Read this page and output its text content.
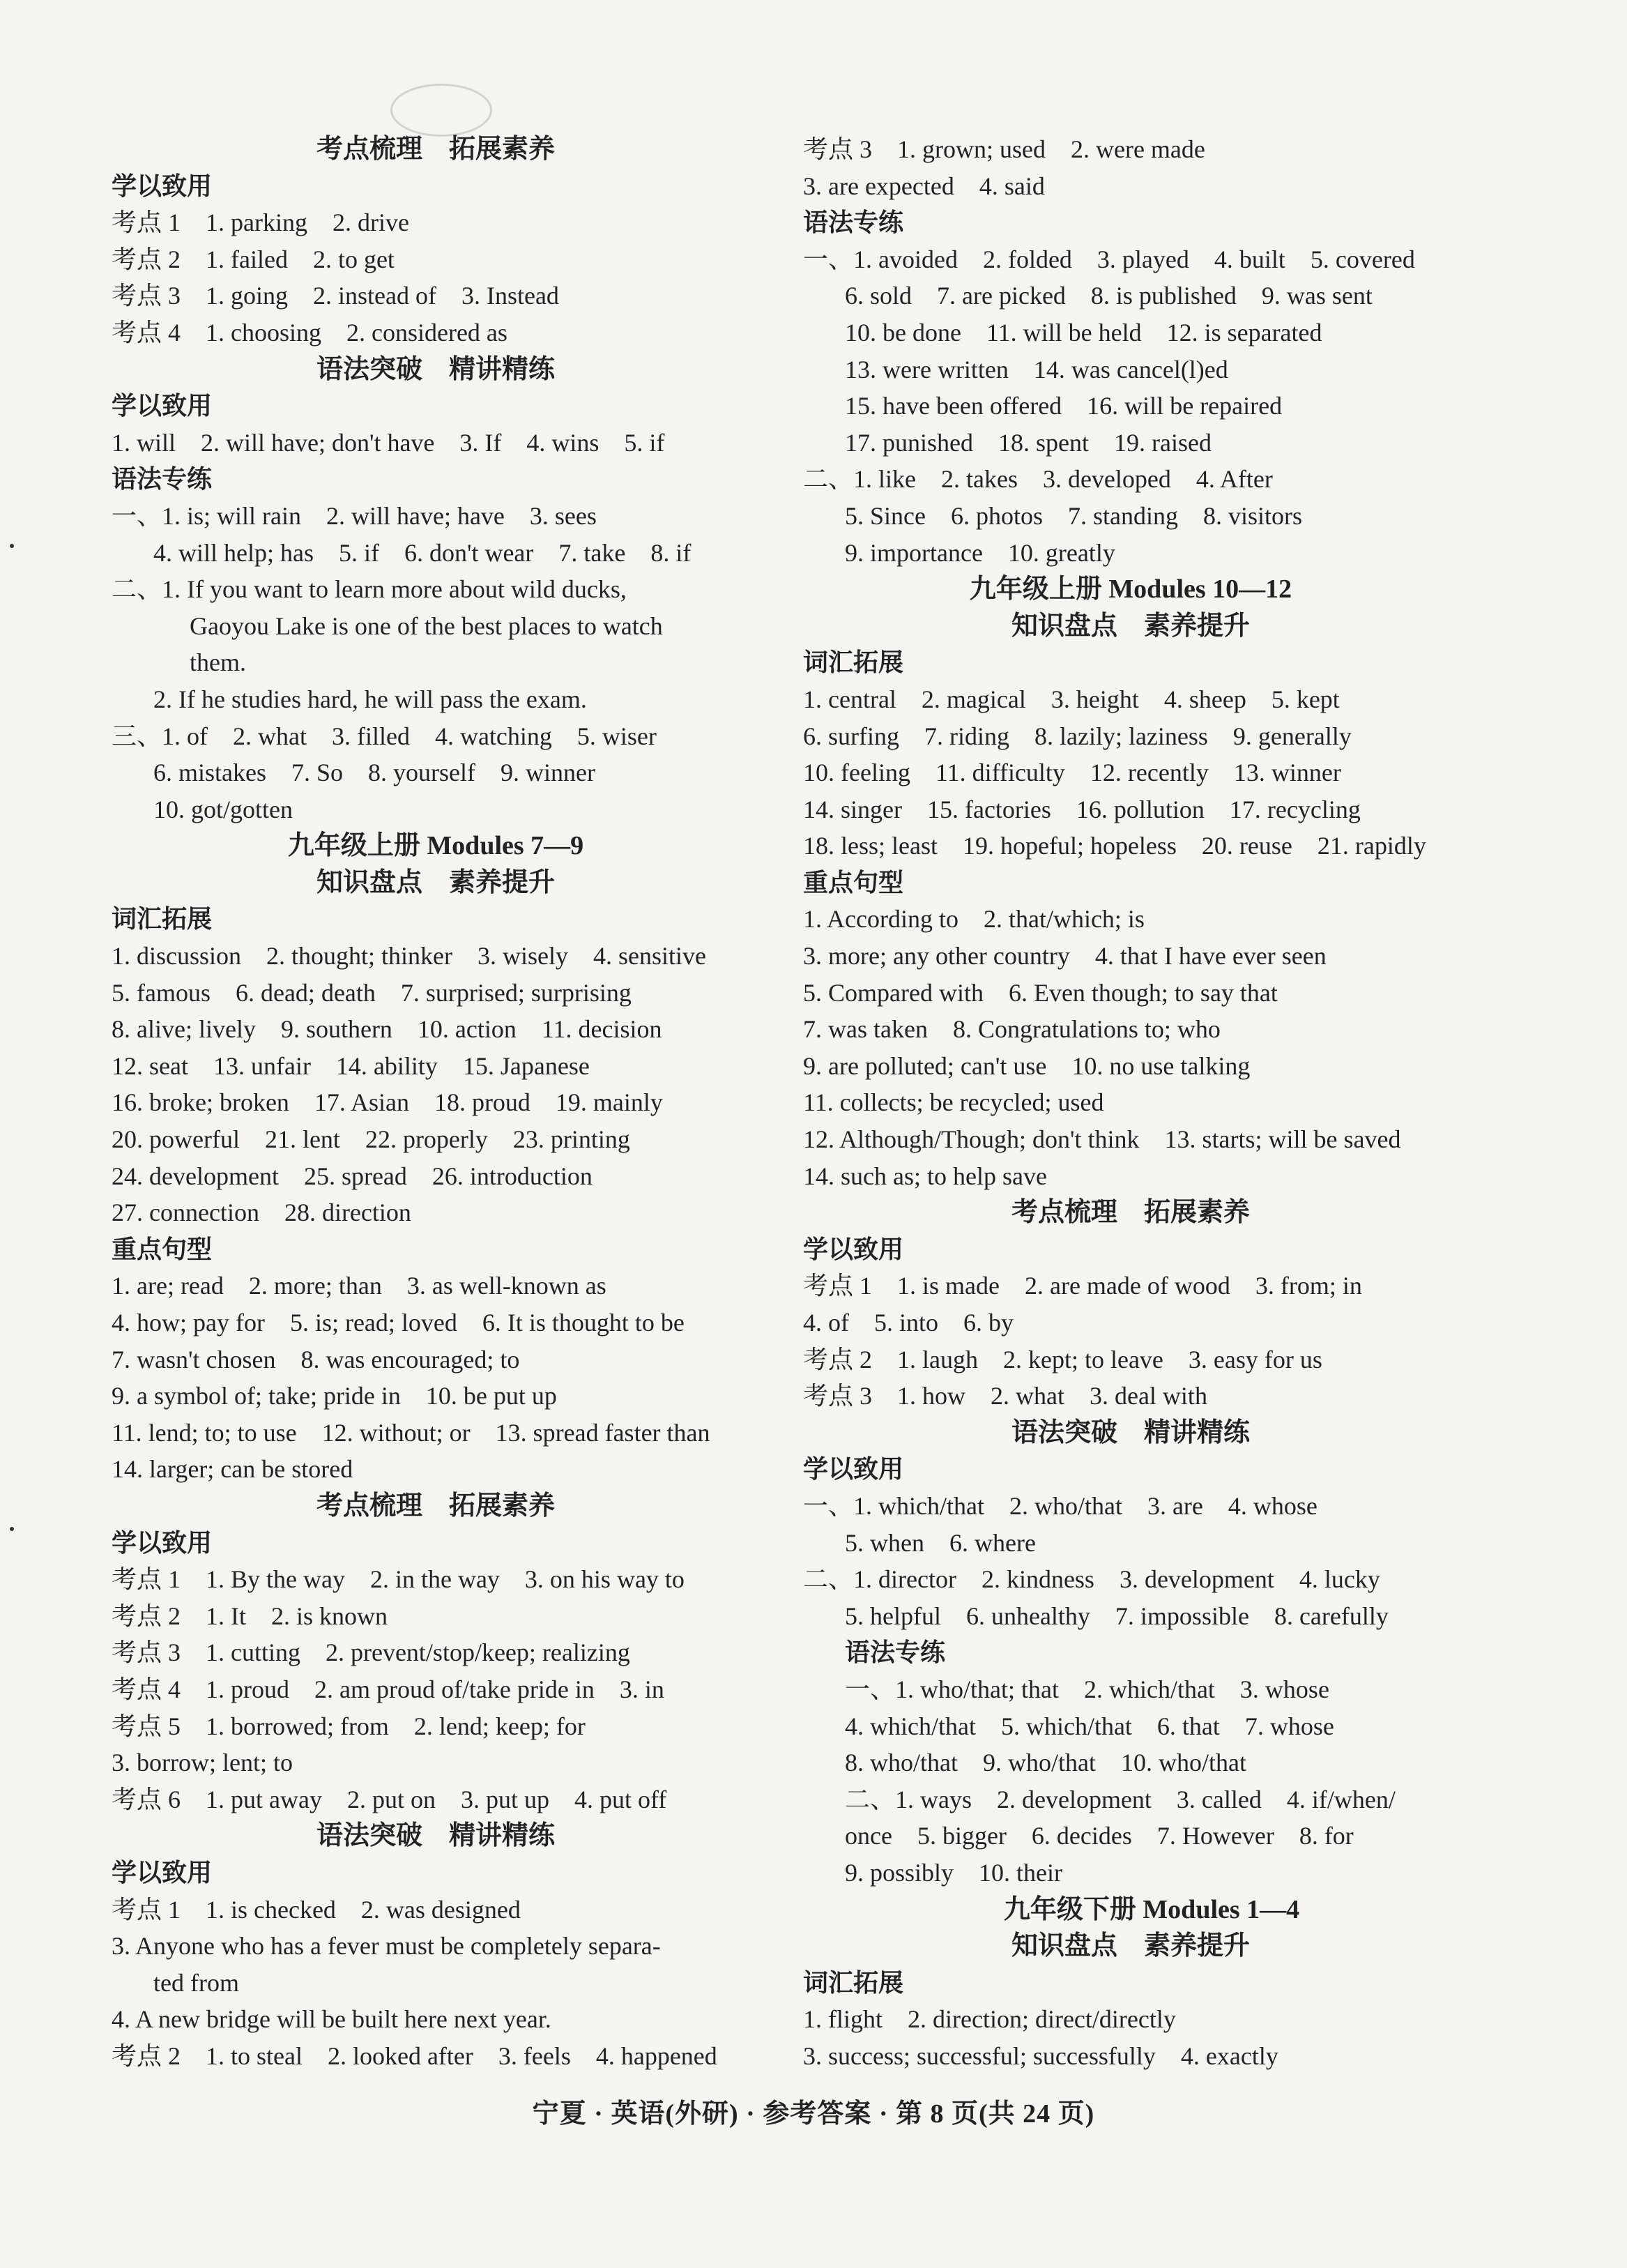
考点梳理　拓展素养
学以致用
考点 1　1. parking　2. drive
考点 2　1. failed　2. to get
考点 3　1. going　2. instead of　3. Instead
考点 4　1. choosing　2. considered as
语法突破　精讲精练
学以致用
1. will　2. will have; don't have　3. If　4. wins　5. if
语法专练
一、1. is; will rain　2. will have; have　3. sees
4. will help; has　5. if　6. don't wear　7. take　8. if
二、1. If you want to learn more about wild ducks,
Gaoyou Lake is one of the best places to watch
them.
2. If he studies hard, he will pass the exam.
三、1. of　2. what　3. filled　4. watching　5. wiser
6. mistakes　7. So　8. yourself　9. winner
10. got/gotten
九年级上册 Modules 7—9
知识盘点　素养提升
词汇拓展
1. discussion　2. thought; thinker　3. wisely　4. sensitive
5. famous　6. dead; death　7. surprised; surprising
8. alive; lively　9. southern　10. action　11. decision
12. seat　13. unfair　14. ability　15. Japanese
16. broke; broken　17. Asian　18. proud　19. mainly
20. powerful　21. lent　22. properly　23. printing
24. development　25. spread　26. introduction
27. connection　28. direction
重点句型
1. are; read　2. more; than　3. as well-known as
4. how; pay for　5. is; read; loved　6. It is thought to be
7. wasn't chosen　8. was encouraged; to
9. a symbol of; take; pride in　10. be put up
11. lend; to; to use　12. without; or　13. spread faster than
14. larger; can be stored
考点梳理　拓展素养
学以致用
考点 1　1. By the way　2. in the way　3. on his way to
考点 2　1. It　2. is known
考点 3　1. cutting　2. prevent/stop/keep; realizing
考点 4　1. proud　2. am proud of/take pride in　3. in
考点 5　1. borrowed; from　2. lend; keep; for
3. borrow; lent; to
考点 6　1. put away　2. put on　3. put up　4. put off
语法突破　精讲精练
学以致用
考点 1　1. is checked　2. was designed
3. Anyone who has a fever must be completely separa-
ted from
4. A new bridge will be built here next year.
考点 2　1. to steal　2. looked after　3. feels　4. happened
考点 3　1. grown; used　2. were made
3. are expected　4. said
语法专练
一、1. avoided　2. folded　3. played　4. built　5. covered
6. sold　7. are picked　8. is published　9. was sent
10. be done　11. will be held　12. is separated
13. were written　14. was cancel(l)ed
15. have been offered　16. will be repaired
17. punished　18. spent　19. raised
二、1. like　2. takes　3. developed　4. After
5. Since　6. photos　7. standing　8. visitors
9. importance　10. greatly
九年级上册 Modules 10—12
知识盘点　素养提升
词汇拓展
1. central　2. magical　3. height　4. sheep　5. kept
6. surfing　7. riding　8. lazily; laziness　9. generally
10. feeling　11. difficulty　12. recently　13. winner
14. singer　15. factories　16. pollution　17. recycling
18. less; least　19. hopeful; hopeless　20. reuse　21. rapidly
重点句型
1. According to　2. that/which; is
3. more; any other country　4. that I have ever seen
5. Compared with　6. Even though; to say that
7. was taken　8. Congratulations to; who
9. are polluted; can't use　10. no use talking
11. collects; be recycled; used
12. Although/Though; don't think　13. starts; will be saved
14. such as; to help save
考点梳理　拓展素养
学以致用
考点 1　1. is made　2. are made of wood　3. from; in
4. of　5. into　6. by
考点 2　1. laugh　2. kept; to leave　3. easy for us
考点 3　1. how　2. what　3. deal with
语法突破　精讲精练
学以致用
一、1. which/that　2. who/that　3. are　4. whose
5. when　6. where
二、1. director　2. kindness　3. development　4. lucky
5. helpful　6. unhealthy　7. impossible　8. carefully
语法专练
一、1. who/that; that　2. which/that　3. whose
4. which/that　5. which/that　6. that　7. whose
8. who/that　9. who/that　10. who/that
二、1. ways　2. development　3. called　4. if/when/
once　5. bigger　6. decides　7. However　8. for
9. possibly　10. their
九年级下册 Modules 1—4
知识盘点　素养提升
词汇拓展
1. flight　2. direction; direct/directly
3. success; successful; successfully　4. exactly
宁夏 · 英语(外研) · 参考答案 · 第 8 页(共 24 页)
